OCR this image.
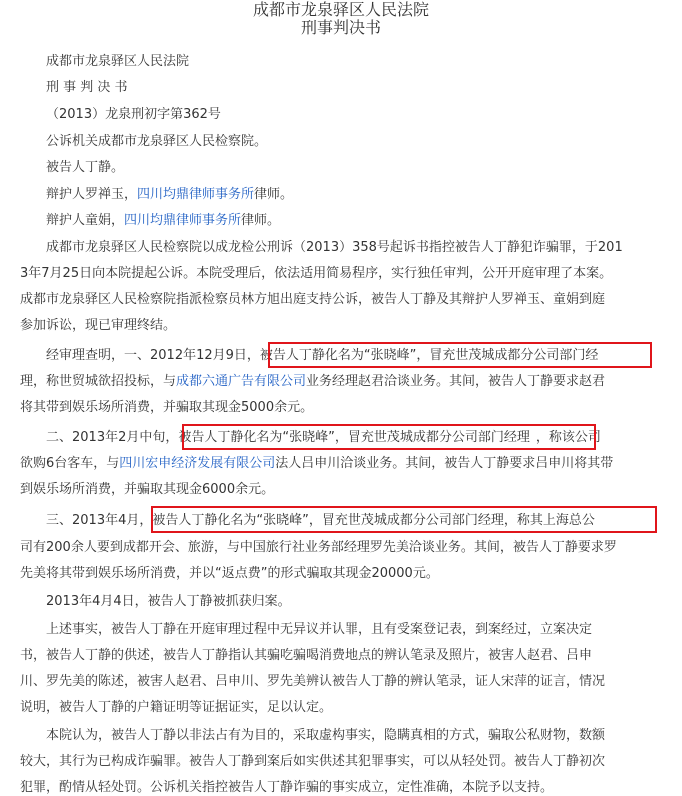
成都市龙泉驿区人民法院
刑事判决书
成都市龙泉驿区人民法院
刑 事 判 决 书
（2013）龙泉刑初字第362号
公诉机关成都市龙泉驿区人民检察院。
被告人丁静。
辩护人罗禅玉，四川均鼎律师事务所律师。
辩护人童娟，四川均鼎律师事务所律师。
成都市龙泉驿区人民检察院以成龙检公刑诉（2013）358号起诉书指控被告人丁静犯诈骗罪，于201
3年7月25日向本院提起公诉。本院受理后，依法适用简易程序，实行独任审判，公开开庭审理了本案。
成都市龙泉驿区人民检察院指派检察员林方旭出庭支持公诉，被告人丁静及其辩护人罗禅玉、童娟到庭
参加诉讼，现已审理终结。
经审理查明，一、2012年12月9日，被告人丁静化名为“张晓峰”，冒充世茂城成都分公司部门经
理，称世贸城欲招投标，与成都六通广告有限公司业务经理赵君洽谈业务。其间，被告人丁静要求赵君
将其带到娱乐场所消费，并骗取其现金5000余元。
二、2013年2月中旬，被告人丁静化名为“张晓峰”，冒充世茂城成都分公司部门经理 ，称该公司
欲购6台客车，与四川宏申经济发展有限公司法人吕申川洽谈业务。其间，被告人丁静要求吕申川将其带
到娱乐场所消费，并骗取其现金6000余元。
三、2013年4月，被告人丁静化名为“张晓峰”，冒充世茂城成都分公司部门经理，称其上海总公
司有200余人要到成都开会、旅游，与中国旅行社业务部经理罗先美洽谈业务。其间，被告人丁静要求罗
先美将其带到娱乐场所消费，并以“返点费”的形式骗取其现金20000元。
2013年4月4日，被告人丁静被抓获归案。
上述事实，被告人丁静在开庭审理过程中无异议并认罪，且有受案登记表，到案经过，立案决定
书，被告人丁静的供述，被告人丁静指认其骗吃骗喝消费地点的辨认笔录及照片，被害人赵君、吕申
川、罗先美的陈述，被害人赵君、吕申川、罗先美辨认被告人丁静的辨认笔录，证人宋萍的证言，情况
说明，被告人丁静的户籍证明等证据证实，足以认定。
本院认为，被告人丁静以非法占有为目的，采取虚构事实，隐瞒真相的方式，骗取公私财物，数额
较大，其行为已构成诈骗罪。被告人丁静到案后如实供述其犯罪事实，可以从轻处罚。被告人丁静初次
犯罪，酌情从轻处罚。公诉机关指控被告人丁静诈骗的事实成立，定性准确，本院予以支持。
